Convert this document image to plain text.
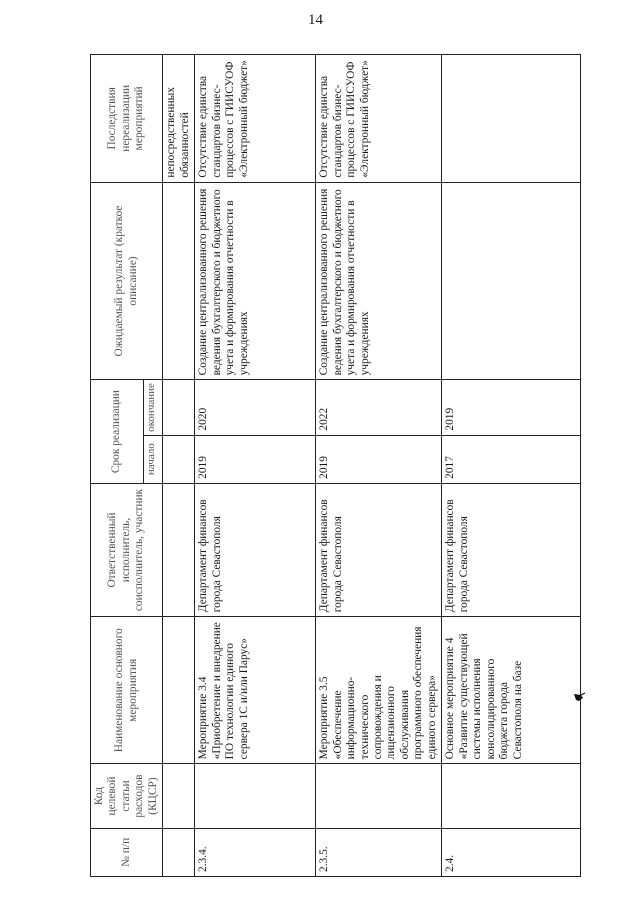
14
№ п/п	Код целевой статьи расходов (КЦСР)	Наименование основного мероприятия	Ответственный исполнитель, соисполнитель, участник	Срок реализации		Ожидаемый результат (краткое описание)	Последствия нереализации мероприятий
				начало	окончание		
							непосредственных обязанностей
2.3.4.		Мероприятие 3.4 «Приобретение и внедрение ПО технологии единого сервера 1С и/или Парус»	Департамент финансов города Севастополя	2019	2020	Создание централизованного решения ведения бухгалтерского и бюджетного учета и формирования отчетности в учреждениях	Отсутствие единства стандартов бизнес-процессов с ГИИСУОФ «Электронный бюджет»
2.3.5.		Мероприятие 3.5 «Обеспечение информационно-технического сопровождения и лицензионного обслуживания программного обеспечения единого сервера»	Департамент финансов города Севастополя	2019	2022	Создание централизованного решения ведения бухгалтерского и бюджетного учета и формирования отчетности в учреждениях	Отсутствие единства стандартов бизнес-процессов с ГИИСУОФ «Электронный бюджет»
2.4.		Основное мероприятие 4 «Развитие существующей системы исполнения консолидированного бюджета города Севастополя на базе	Департамент финансов города Севастополя	2017	2019		
